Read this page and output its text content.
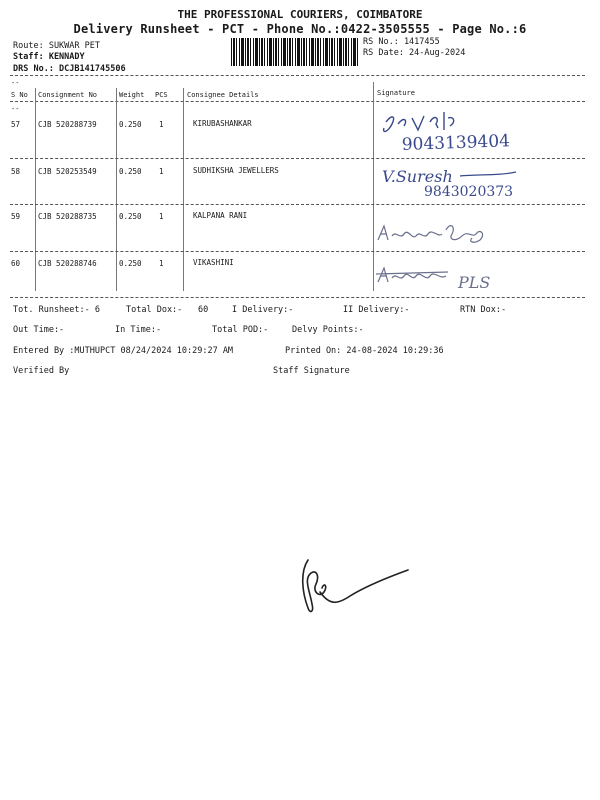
THE PROFESSIONAL COURIERS, COIMBATORE
Delivery Runsheet - PCT - Phone No.:0422-3505555 - Page No.:6
Route: SUKWAR PET
Staff: KENNADY
DRS No.: DCJB141745506
RS No.: 1417455
RS Date: 24-Aug-2024
--
S No Consignment No	Weight PCS	Consignee Details	Signature
--
57 CJB 520288739	0.250 1	KIRUBASHANKAR
9043139404
58 CJB 520253549	0.250 1	SUDHIKSHA JEWELLERS	V.Suresh
9843020373
59 CJB 520288735	0.250 1	KALPANA RANI
60 CJB 520288746	0.250 1	VIKASHINI
PLS
Tot. Runsheet:- 6	Total Dox:- 60	I Delivery:-	II Delivery:-	RTN Dox:-
Out Time:-	In Time:-	Total POD:-	Delvy Points:-
Entered By :MUTHUPCT 08/24/2024 10:29:27 AM	Printed On: 24-08-2024 10:29:36
Verified By	Staff Signature
